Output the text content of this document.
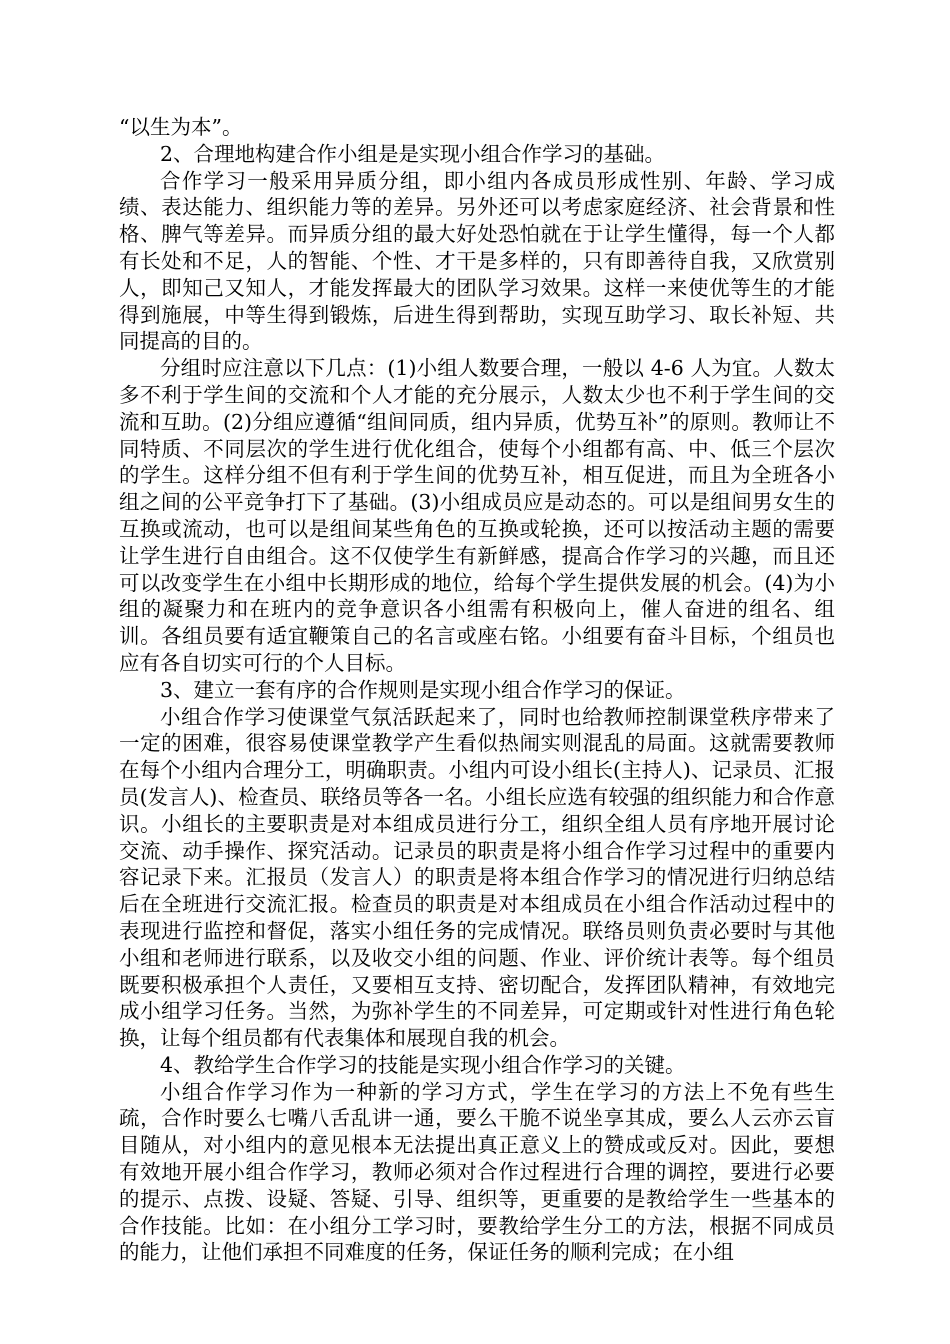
“以生为本”。

2、合理地构建合作小组是是实现小组合作学习的基础。

合作学习一般采用异质分组，即小组内各成员形成性别、年龄、学习成绩、表达能力、组织能力等的差异。另外还可以考虑家庭经济、社会背景和性格、脾气等差异。而异质分组的最大好处恐怕就在于让学生懂得，每一个人都有长处和不足，人的智能、个性、才干是多样的，只有即善待自我，又欣赏别人，即知己又知人，才能发挥最大的团队学习效果。这样一来使优等生的才能得到施展，中等生得到锻炼，后进生得到帮助，实现互助学习、取长补短、共同提高的目的。

分组时应注意以下几点：(1)小组人数要合理，一般以 4-6 人为宜。人数太多不利于学生间的交流和个人才能的充分展示，人数太少也不利于学生间的交流和互助。(2)分组应遵循“组间同质，组内异质，优势互补”的原则。教师让不同特质、不同层次的学生进行优化组合，使每个小组都有高、中、低三个层次的学生。这样分组不但有利于学生间的优势互补，相互促进，而且为全班各小组之间的公平竞争打下了基础。(3)小组成员应是动态的。可以是组间男女生的互换或流动，也可以是组间某些角色的互换或轮换，还可以按活动主题的需要让学生进行自由组合。这不仅使学生有新鲜感，提高合作学习的兴趣，而且还可以改变学生在小组中长期形成的地位，给每个学生提供发展的机会。(4)为小组的凝聚力和在班内的竞争意识各小组需有积极向上，催人奋进的组名、组训。各组员要有适宜鞭策自己的名言或座右铭。小组要有奋斗目标，个组员也应有各自切实可行的个人目标。

3、建立一套有序的合作规则是实现小组合作学习的保证。

小组合作学习使课堂气氛活跃起来了，同时也给教师控制课堂秩序带来了一定的困难，很容易使课堂教学产生看似热闹实则混乱的局面。这就需要教师在每个小组内合理分工，明确职责。小组内可设小组长(主持人)、记录员、汇报员(发言人)、检查员、联络员等各一名。小组长应选有较强的组织能力和合作意识。小组长的主要职责是对本组成员进行分工，组织全组人员有序地开展讨论交流、动手操作、探究活动。记录员的职责是将小组合作学习过程中的重要内容记录下来。汇报员（发言人）的职责是将本组合作学习的情况进行归纳总结后在全班进行交流汇报。检查员的职责是对本组成员在小组合作活动过程中的表现进行监控和督促，落实小组任务的完成情况。联络员则负责必要时与其他小组和老师进行联系，以及收交小组的问题、作业、评价统计表等。每个组员既要积极承担个人责任，又要相互支持、密切配合，发挥团队精神，有效地完成小组学习任务。当然，为弥补学生的不同差异，可定期或针对性进行角色轮换，让每个组员都有代表集体和展现自我的机会。

4、教给学生合作学习的技能是实现小组合作学习的关键。

小组合作学习作为一种新的学习方式，学生在学习的方法上不免有些生疏，合作时要么七嘴八舌乱讲一通，要么干脆不说坐享其成，要么人云亦云盲目随从，对小组内的意见根本无法提出真正意义上的赞成或反对。因此，要想有效地开展小组合作学习，教师必须对合作过程进行合理的调控，要进行必要的提示、点拨、设疑、答疑、引导、组织等，更重要的是教给学生一些基本的合作技能。比如：在小组分工学习时，要教给学生分工的方法，根据不同成员的能力，让他们承担不同难度的任务，保证任务的顺利完成；在小组
